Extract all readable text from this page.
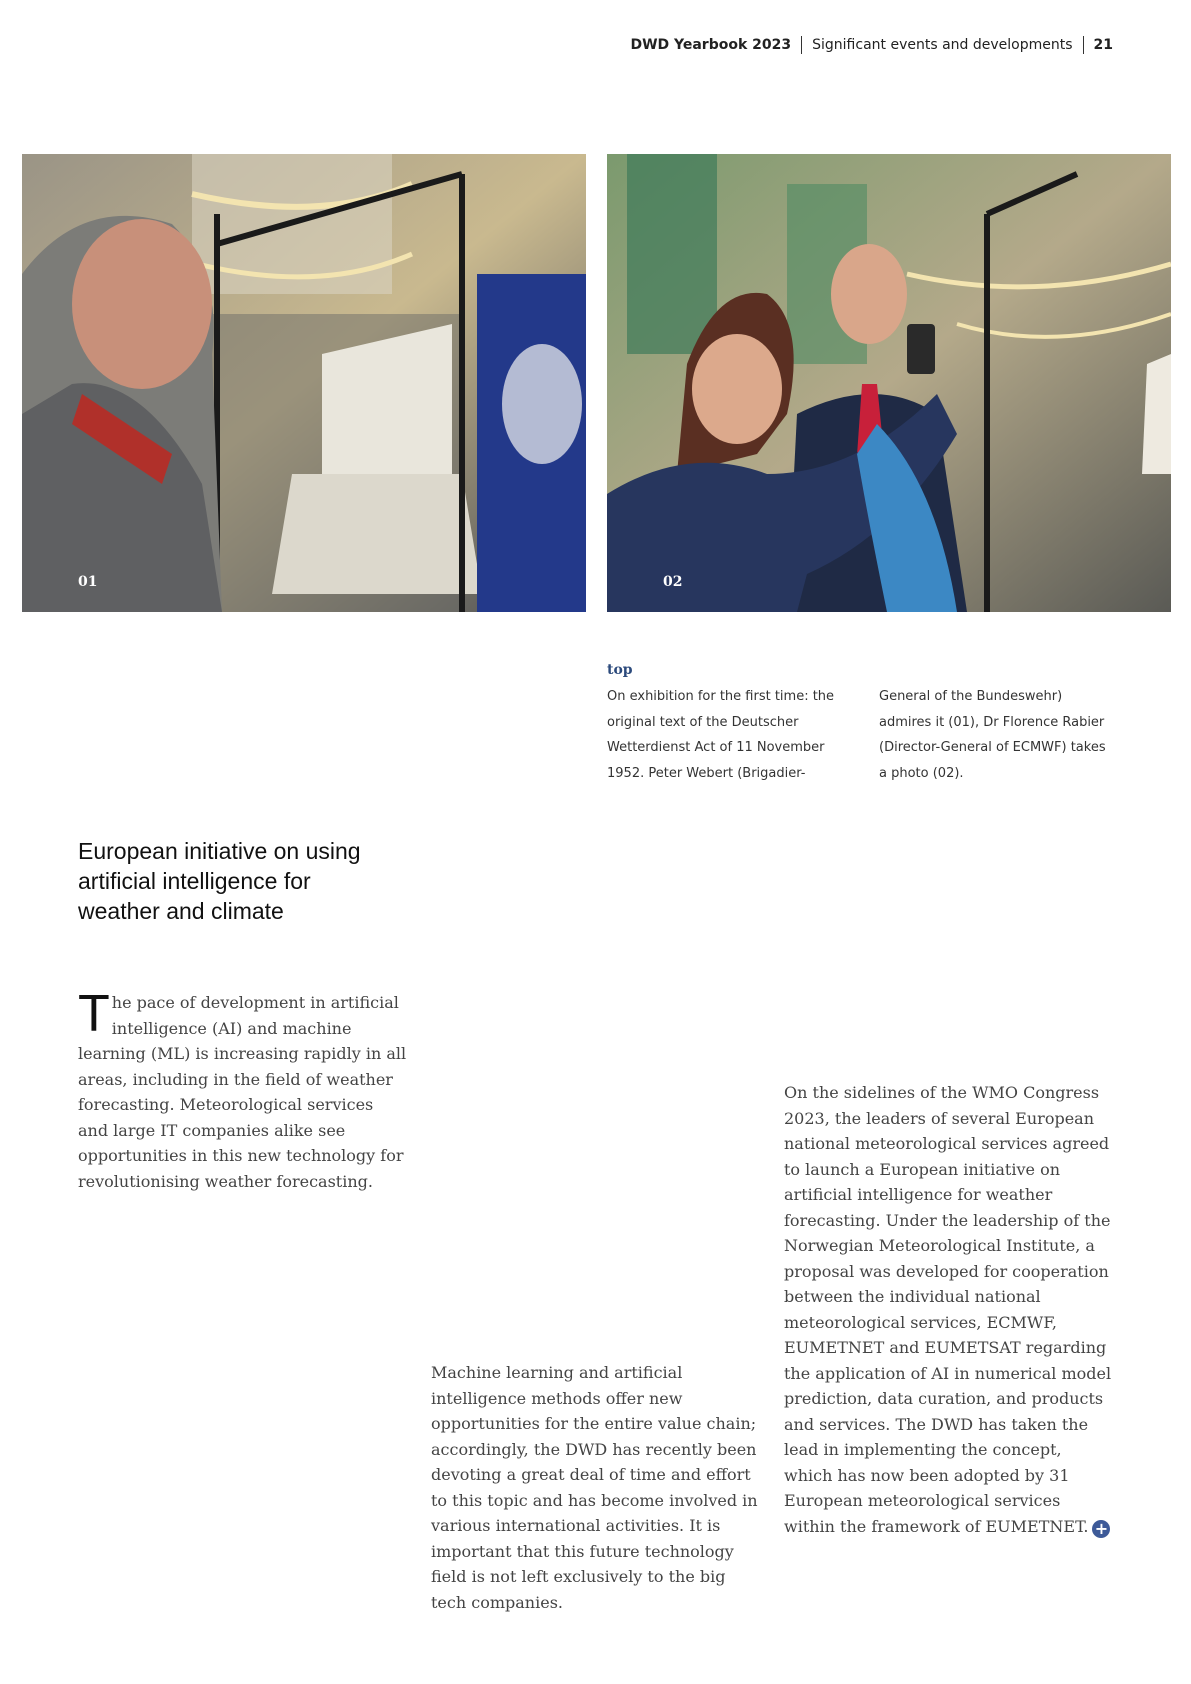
DWD Yearbook 2023 Significant events and developments 21
01	02
top
On exhibition for the first time: the original text of the Deutscher Wetterdienst Act of 11 November 1952. Peter Webert (Brigadier-General of the Bundeswehr) admires it (01), Dr Florence Rabier (Director-General of ECMWF) takes a photo (02).
European initiative on using artificial intelligence for weather and climate
The pace of development in artificial intelligence (AI) and machine learning (ML) is increasing rapidly in all areas, including in the field of weather forecasting. Meteorological services and large IT companies alike see opportunities in this new technology for revolutionising weather forecasting.
Machine learning and artificial intelligence methods offer new opportunities for the entire value chain; accordingly, the DWD has recently been devoting a great deal of time and effort to this topic and has become involved in various international activities. It is important that this future technology field is not left exclusively to the big tech companies.
On the sidelines of the WMO Congress 2023, the leaders of several European national meteorological services agreed to launch a European initiative on artificial intelligence for weather forecasting. Under the leadership of the Norwegian Meteorological Institute, a proposal was developed for cooperation between the individual national meteorological services, ECMWF, EUMETNET and EUMETSAT regarding the application of AI in numerical model prediction, data curation, and products and services. The DWD has taken the lead in implementing the concept, which has now been adopted by 31 European meteorological services within the framework of EUMETNET. +
